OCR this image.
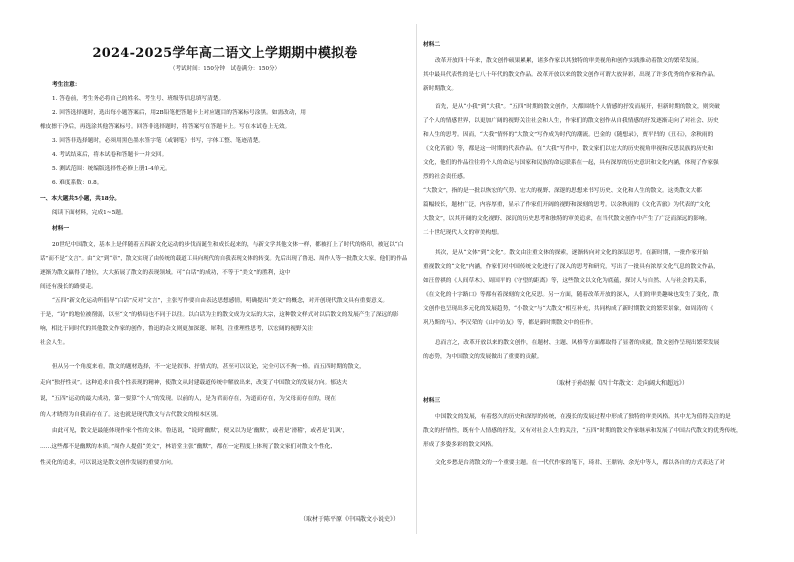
2024-2025学年高二语文上学期期中模拟卷
（考试时间：150分钟　试卷满分：150分）
考生注意：
1. 答卷前，考生务必将自己的姓名、考生号、班级等信息填写清楚。
2. 回答选择题时，选出每小题答案后，用2B铅笔把答题卡上对应题目的答案标号涂黑。如需改动，用
橡皮擦干净后，再选涂其他答案标号。回答非选择题时，将答案写在答题卡上。写在本试卷上无效。
3. 回答非选择题时，必须用黑色墨水签字笔（或钢笔）书写，字体工整、笔迹清楚。
4. 考试结束后，将本试卷和答题卡一并交回。
5. 测试范围：统编版选择性必修上册1-4单元。
6. 难度系数：0.8。
一、本大题共5小题，共18分。
阅读下面材料，完成1~5题。
材料一
20世纪中国散文，基本上是伴随着五四新文化运动的步伐而诞生和成长起来的，与新文学其他文体一样，都被打上了时代的烙印，被冠以“白
话”而不是“文言”。由“文”到“章”，散文实现了由传统的载道工具向现代的自我表现文体的转变。先后出现了鲁迅、周作人等一批散文大家，他们的作品
逐渐为散文赢得了地位，大大拓展了散文的表现领域。可“白话”的成功，不等于“美文”的胜利，这中
间还有漫长的路要走。
“五四”新文化运动所倡导“白话”反对“文言”，主张写作要自由表达思想感情，明确提出“美文”的概念，对开创现代散文具有重要意义。
于是，“诗”的地位被削弱，以至“文”的格局也不同于以往。以白话为主的散文成为文坛的大宗，这种散文样式对以后散文的发展产生了深远的影
响，相比于同时代的其他散文作家的创作，鲁迅的杂文则更加深邃、犀利，注重理性思考，以宏阔的视野关注
社会人生。
但从另一个角度来看，散文的题材选择，不一定是叙事、抒情式的，甚至可以议论，完全可以不拘一格。而五四时期的散文，
走向“独抒性灵”。这种追求自我个性表现的精神，使散文从封建载道传统中解放出来，改变了中国散文的发展方向。郁达夫
说，“五四”运动的最大成功，第一要算“个人”的发现。以前的人，是为君而存在，为道而存在，为父母而存在的，现在
的人才晓得为自我而存在了。这也就是现代散文与古代散文的根本区别。
由此可见，散文是最能体现作家个性的文体。鲁迅说，“说到‘幽默’，便又以为是‘幽默’，或者是‘滑稽’，或者是‘讥讽’，
……这些都不是幽默的本质。”周作人提倡“美文”，林语堂主张“幽默”，都在一定程度上体现了散文家们对散文个性化、
性灵化的追求，可以说这是散文创作发展的重要方向。
（取材于陈平原《中国散文小说史》）
材料二
改革开放四十年来，散文创作硕果累累，诸多作家以其独特的审美视角和创作实践推动着散文的繁荣发展。
其中最具代表性的是七八十年代的散文作品。改革开放以来的散文创作可谓大放异彩，出现了许多优秀的作家和作品。
新时期散文。
首先，是从“小我”到“大我”。“五四”时期的散文创作，大都围绕个人情感的抒发而展开，但新时期的散文，则突破
了个人的情感世界，以更加广阔的视野关注社会和人生，作家们的散文创作从自我情感的抒发逐渐走向了对社会、历史
和人生的思考。因而，“大我”情怀的“大散文”写作成为时代的潮流。巴金的《随想录》，贾平凹的《丑石》，余秋雨的
《文化苦旅》等，都是这一时期的代表作品。在“大我”写作中，散文家们以宏大的历史视角审视和反思民族的历史和
文化，他们的作品往往将个人的命运与国家和民族的命运联系在一起，具有深厚的历史意识和文化内涵，体现了作家强
烈的社会责任感。
“大散文”，指的是一批以恢宏的气势、宏大的视野、深邃的思想来书写历史、文化和人生的散文。这类散文大都
篇幅较长，题材广泛，内容厚重，显示了作家们开阔的视野和深刻的思考。以余秋雨的《文化苦旅》为代表的“文化
大散文”，以其开阔的文化视野、深沉的历史思考和独特的审美追求，在当代散文创作中产生了广泛而深远的影响。
二十世纪现代人文的审美构想。
其次，是从“文体”到“文化”。散文由注重文体的探索，逐渐转向对文化的深层思考。在新时期，一批作家开始
重视散文的“文化”内涵，作家们对中国传统文化进行了深入的思考和研究，写出了一批具有浓厚文化气息的散文作品，
如汪曾祺的《人间草木》、周国平的《守望的距离》等，这些散文以文化为底蕴，探讨人与自然、人与社会的关系，
《在文化的十字路口》等都有着深刻的文化反思。另一方面，随着改革开放的深入，人们的审美趣味也发生了变化，散
文创作也呈现出多元化的发展趋势，“小散文”与“大散文”相互补充，共同构成了新时期散文的繁荣景象，如周涛的《
巩乃斯的马》、李汉荣的《山中访友》等，都是新时期散文中的佳作。
总而言之，改革开放以来的散文创作，在题材、主题、风格等方面都取得了显著的成就，散文创作呈现出繁荣发展
的态势，为中国散文的发展做出了重要的贡献。
（取材于孙绍振《四十年散文：走向阔大和超远》）
材料三
中国散文的发展，有着悠久的历史和深厚的传统，在漫长的发展过程中形成了独特的审美风格。其中尤为值得关注的是
散文的抒情性，既有个人情感的抒发，又有对社会人生的关注，“五四”时期的散文作家继承和发展了中国古代散文的优秀传统，
形成了多姿多彩的散文风格。
文化乡愁是台湾散文的一个重要主题。在一代代作家的笔下，琦君、王鼎钧、余光中等人，都以各自的方式表达了对
